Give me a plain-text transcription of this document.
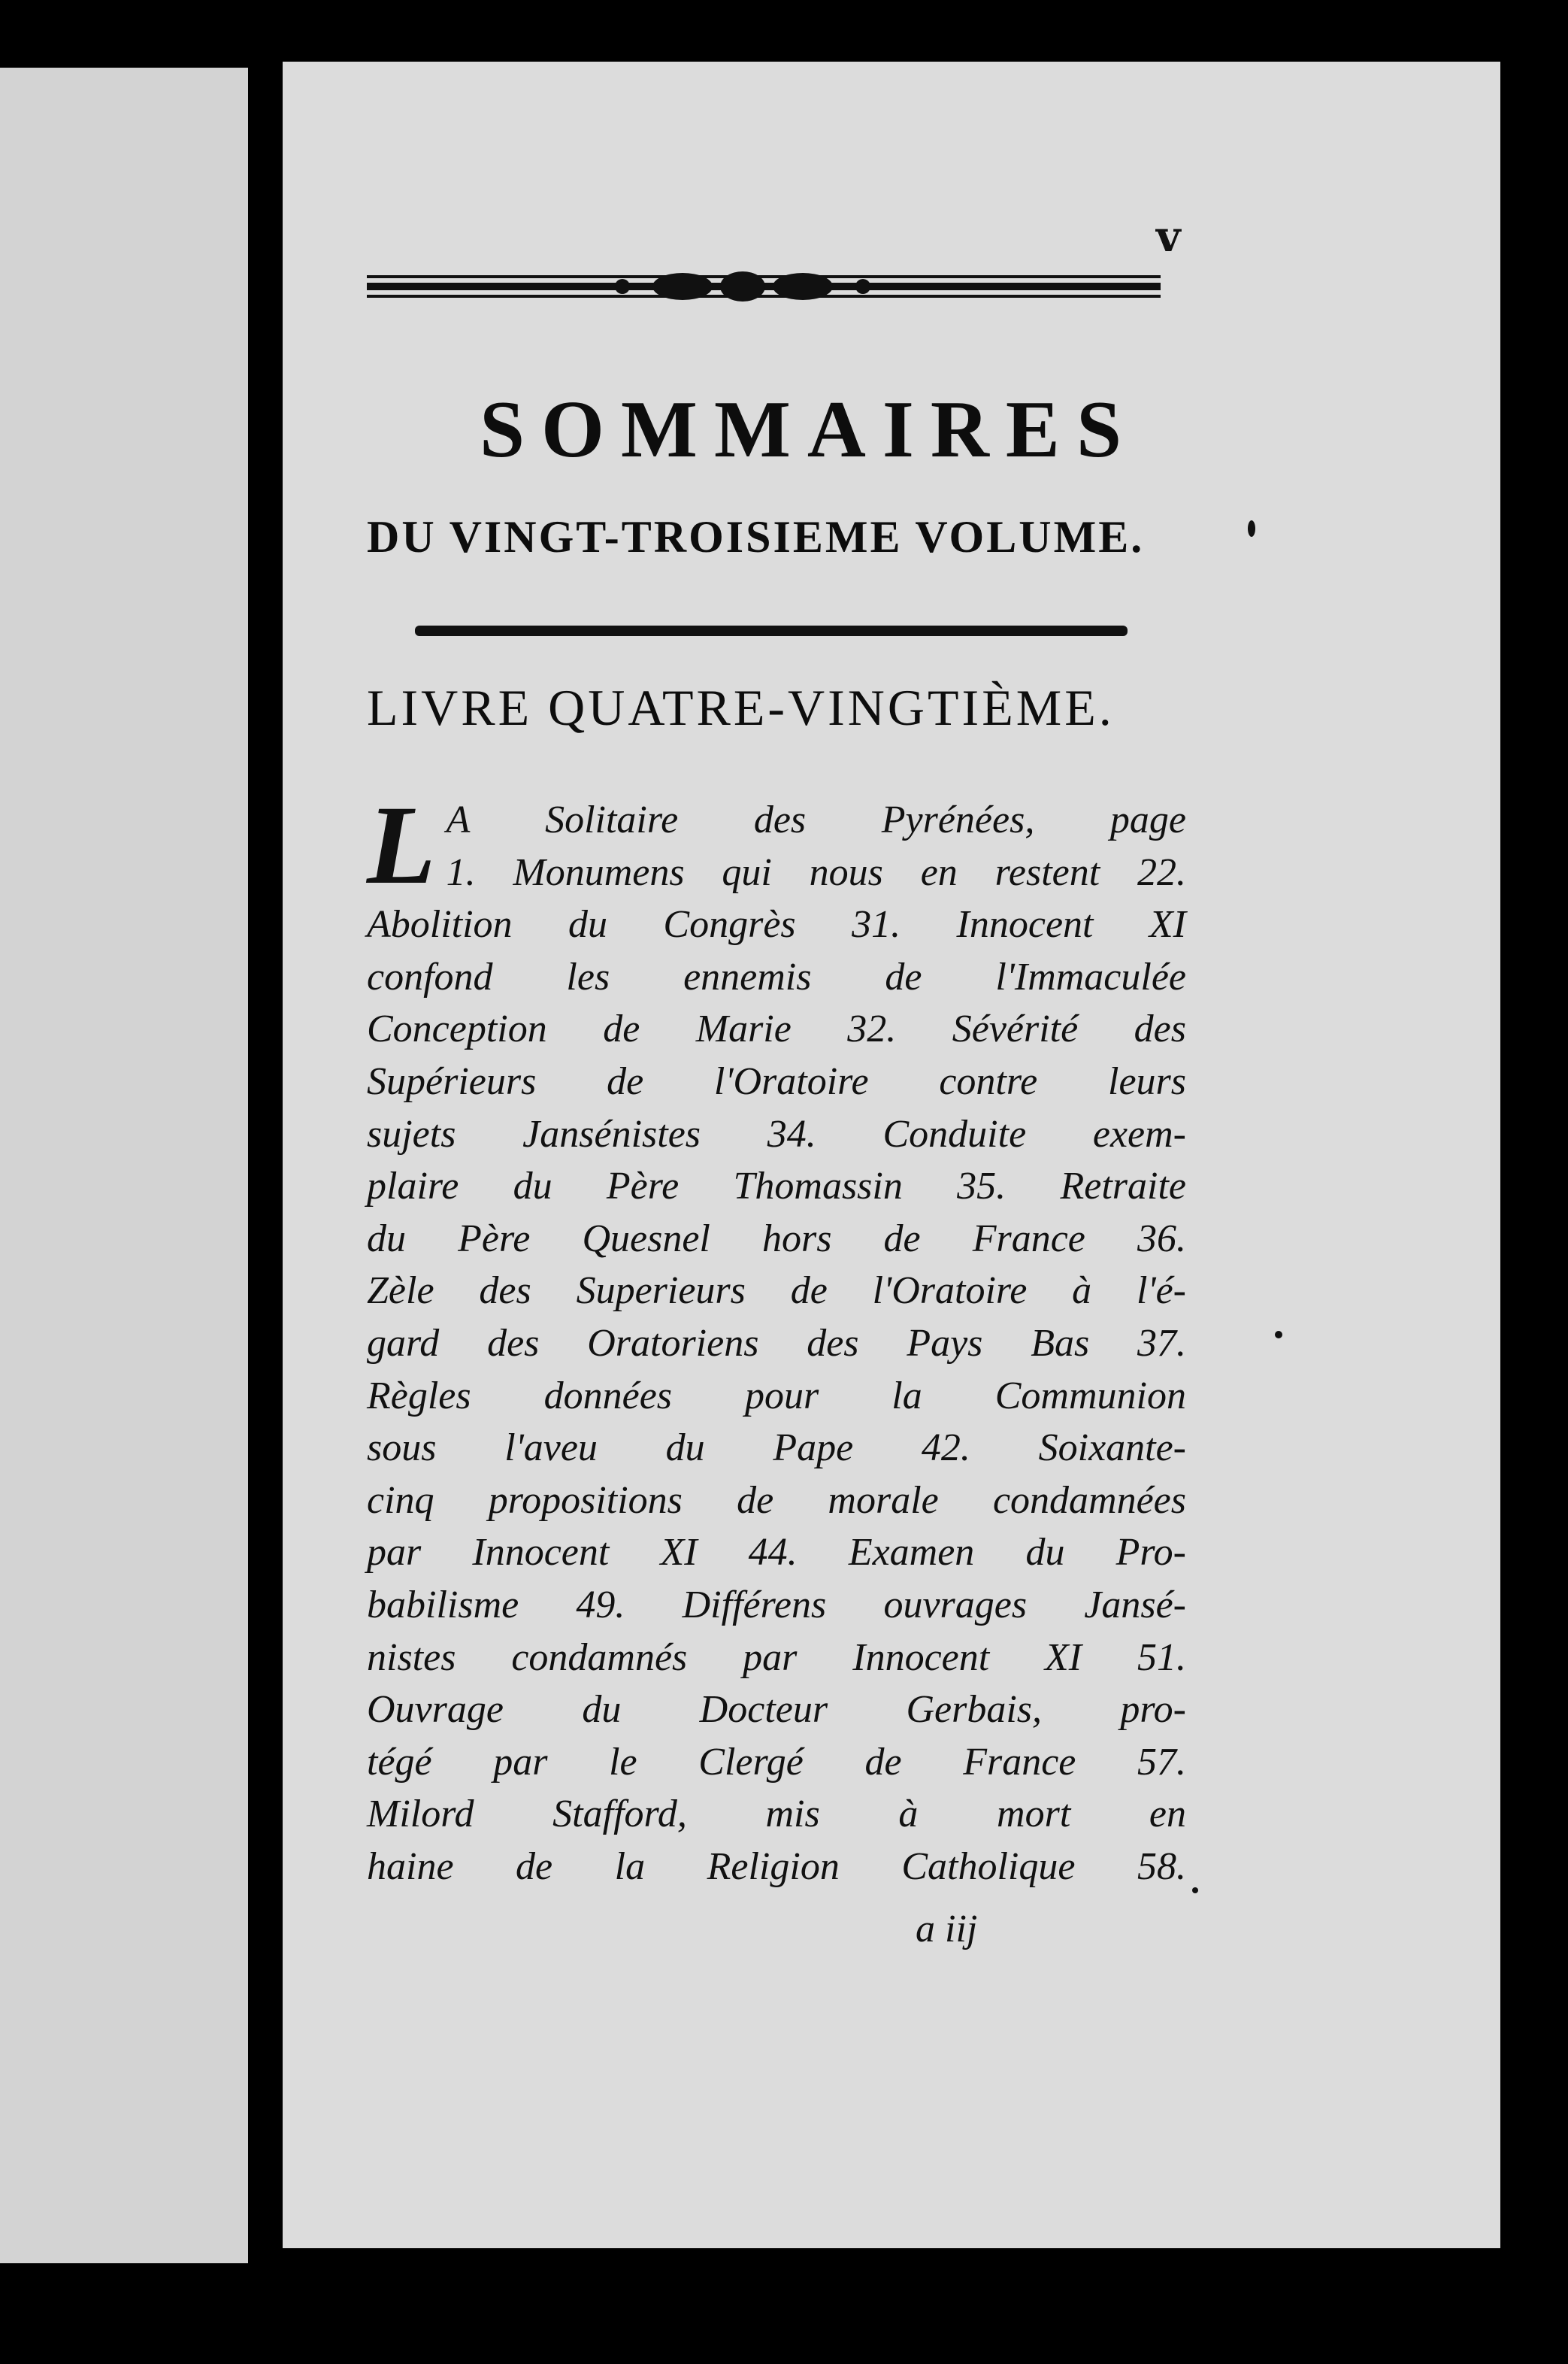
v
SOMMAIRES
DU VINGT-TROISIEME VOLUME.
LIVRE QUATRE-VINGTIÈME.
L A Solitaire des Pyrénées, page
1. Monumens qui nous en restent 22.
Abolition du Congrès 31. Innocent XI
confond les ennemis de l'Immaculée
Conception de Marie 32. Sévérité des
Supérieurs de l'Oratoire contre leurs
sujets Jansénistes 34. Conduite exem-
plaire du Père Thomassin 35. Retraite
du Père Quesnel hors de France 36.
Zèle des Superieurs de l'Oratoire à l'é-
gard des Oratoriens des Pays Bas 37.
Règles données pour la Communion
sous l'aveu du Pape 42. Soixante-
cinq propositions de morale condamnées
par Innocent XI 44. Examen du Pro-
babilisme 49. Différens ouvrages Jansé-
nistes condamnés par Innocent XI 51.
Ouvrage du Docteur Gerbais, pro-
tégé par le Clergé de France 57.
Milord Stafford, mis à mort en
haine de la Religion Catholique 58.
a iij
